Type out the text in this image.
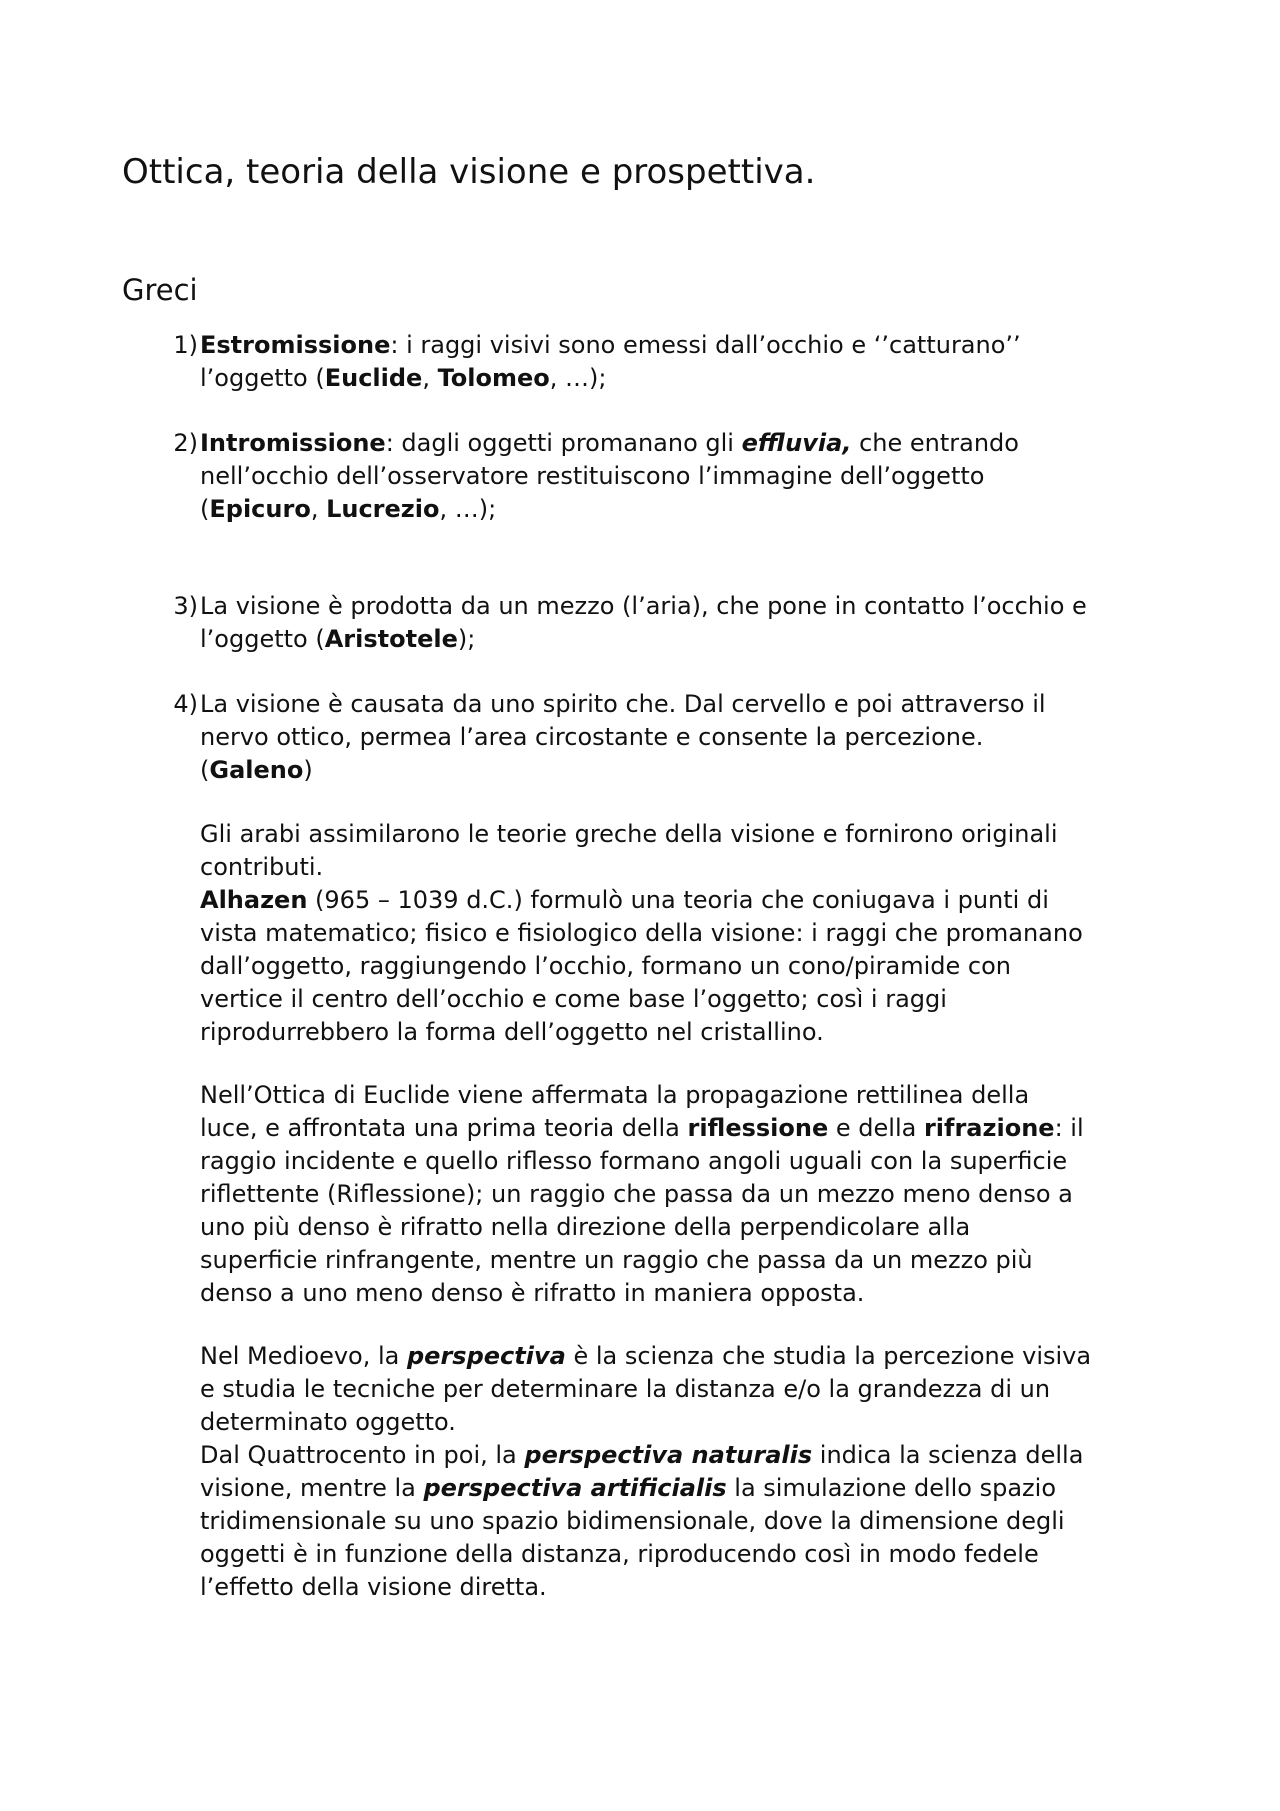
Ottica, teoria della visione e prospettiva.
Greci
1) Estromissione: i raggi visivi sono emessi dall’occhio e ‘’catturano’’
l’oggetto (Euclide, Tolomeo, …);
2) Intromissione: dagli oggetti promanano gli effluvia, che entrando
nell’occhio dell’osservatore restituiscono l’immagine dell’oggetto
(Epicuro, Lucrezio, …);
3) La visione è prodotta da un mezzo (l’aria), che pone in contatto l’occhio e
l’oggetto (Aristotele);
4) La visione è causata da uno spirito che. Dal cervello e poi attraverso il
nervo ottico, permea l’area circostante e consente la percezione.
(Galeno)
Gli arabi assimilarono le teorie greche della visione e fornirono originali
contributi.
Alhazen (965 – 1039 d.C.) formulò una teoria che coniugava i punti di
vista matematico; fisico e fisiologico della visione: i raggi che promanano
dall’oggetto, raggiungendo l’occhio, formano un cono/piramide con
vertice il centro dell’occhio e come base l’oggetto; così i raggi
riprodurrebbero la forma dell’oggetto nel cristallino.
Nell’Ottica di Euclide viene affermata la propagazione rettilinea della
luce, e affrontata una prima teoria della riflessione e della rifrazione: il
raggio incidente e quello riflesso formano angoli uguali con la superficie
riflettente (Riflessione); un raggio che passa da un mezzo meno denso a
uno più denso è rifratto nella direzione della perpendicolare alla
superficie rinfrangente, mentre un raggio che passa da un mezzo più
denso a uno meno denso è rifratto in maniera opposta.
Nel Medioevo, la perspectiva è la scienza che studia la percezione visiva
e studia le tecniche per determinare la distanza e/o la grandezza di un
determinato oggetto.
Dal Quattrocento in poi, la perspectiva naturalis indica la scienza della
visione, mentre la perspectiva artificialis la simulazione dello spazio
tridimensionale su uno spazio bidimensionale, dove la dimensione degli
oggetti è in funzione della distanza, riproducendo così in modo fedele
l’effetto della visione diretta.
